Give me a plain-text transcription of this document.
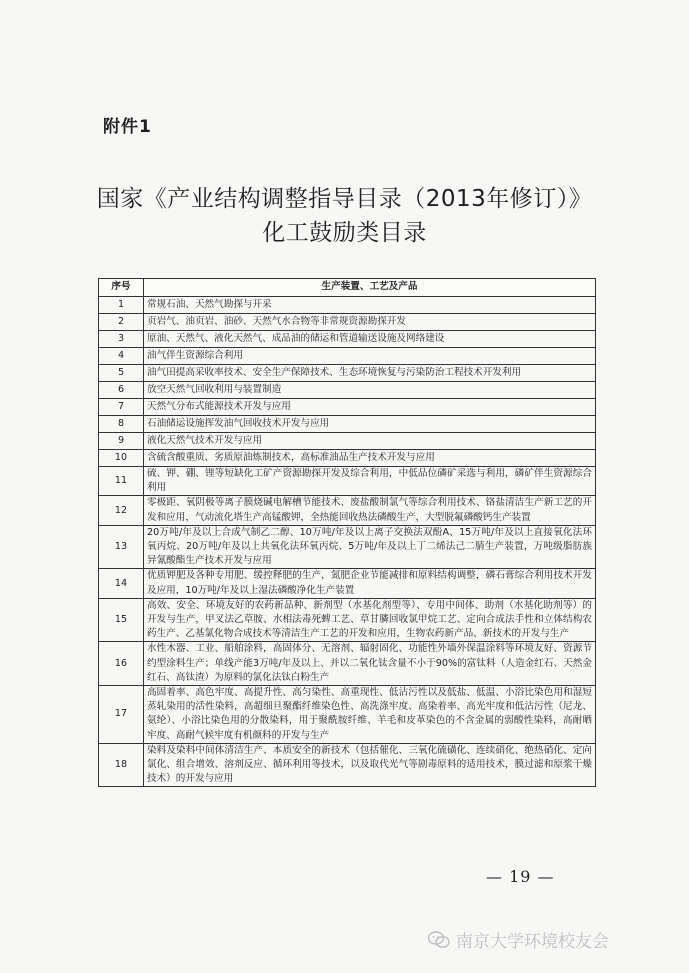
附件1
国家《产业结构调整指导目录（2013年修订）》
化工鼓励类目录
序号	生产装置、工艺及产品
1	常规石油、天然气勘探与开采
2	页岩气、油页岩、油砂、天然气水合物等非常规资源勘探开发
3	原油、天然气、液化天然气、成品油的储运和管道输送设施及网络建设
4	油气伴生资源综合利用
5	油气田提高采收率技术、安全生产保障技术、生态环境恢复与污染防治工程技术开发利用
6	放空天然气回收利用与装置制造
7	天然气分布式能源技术开发与应用
8	石油储运设施挥发油气回收技术开发与应用
9	液化天然气技术开发与应用
10	含硫含酸重质、劣质原油炼制技术，高标准油品生产技术开发与应用
11	硫、钾、硼、锂等短缺化工矿产资源勘探开发及综合利用，中低品位磷矿采选与利用，磷矿伴生资源综合利用
12	零极距、氧阴极等离子膜烧碱电解槽节能技术、废盐酸制氯气等综合利用技术、铬盐清洁生产新工艺的开发和应用，气动流化塔生产高锰酸钾，全热能回收热法磷酸生产，大型脱氟磷酸钙生产装置
13	20万吨/年及以上合成气制乙二醇、10万吨/年及以上离子交换法双酚A、15万吨/年及以上直接氧化法环氧丙烷、20万吨/年及以上共氧化法环氧丙烷、5万吨/年及以上丁二烯法己二腈生产装置，万吨级脂肪族异氰酸酯生产技术开发与应用
14	优质钾肥及各种专用肥、缓控释肥的生产，氮肥企业节能减排和原料结构调整，磷石膏综合利用技术开发及应用，10万吨/年及以上湿法磷酸净化生产装置
15	高效、安全、环境友好的农药新品种、新剂型（水基化剂型等）、专用中间体、助剂（水基化助剂等）的开发与生产，甲叉法乙草胺、水相法毒死蜱工艺、草甘膦回收氯甲烷工艺、定向合成法手性和立体结构农药生产、乙基氯化物合成技术等清洁生产工艺的开发和应用，生物农药新产品、新技术的开发与生产
16	水性木器、工业、船舶涂料，高固体分、无溶剂、辐射固化、功能性外墙外保温涂料等环境友好、资源节约型涂料生产；单线产能3万吨/年及以上、并以二氧化钛含量不小于90%的富钛料（人造金红石、天然金红石、高钛渣）为原料的氯化法钛白粉生产
17	高固着率、高色牢度、高提升性、高匀染性、高重现性、低沾污性以及低盐、低温、小浴比染色用和湿短蒸轧染用的活性染料，高超细旦聚酯纤维染色性、高洗涤牢度、高染着率、高光牢度和低沾污性（尼龙、氨纶）、小浴比染色用的分散染料，用于聚酰胺纤维、羊毛和皮革染色的不含金属的弱酸性染料，高耐晒牢度、高耐气候牢度有机颜料的开发与生产
18	染料及染料中间体清洁生产、本质安全的新技术（包括催化、三氧化硫磺化、连续硝化、绝热硝化、定向氯化、组合增效、溶剂反应、循环利用等技术，以及取代光气等剧毒原料的适用技术，膜过滤和原浆干燥技术）的开发与应用
— 19 —
南京大学环境校友会
